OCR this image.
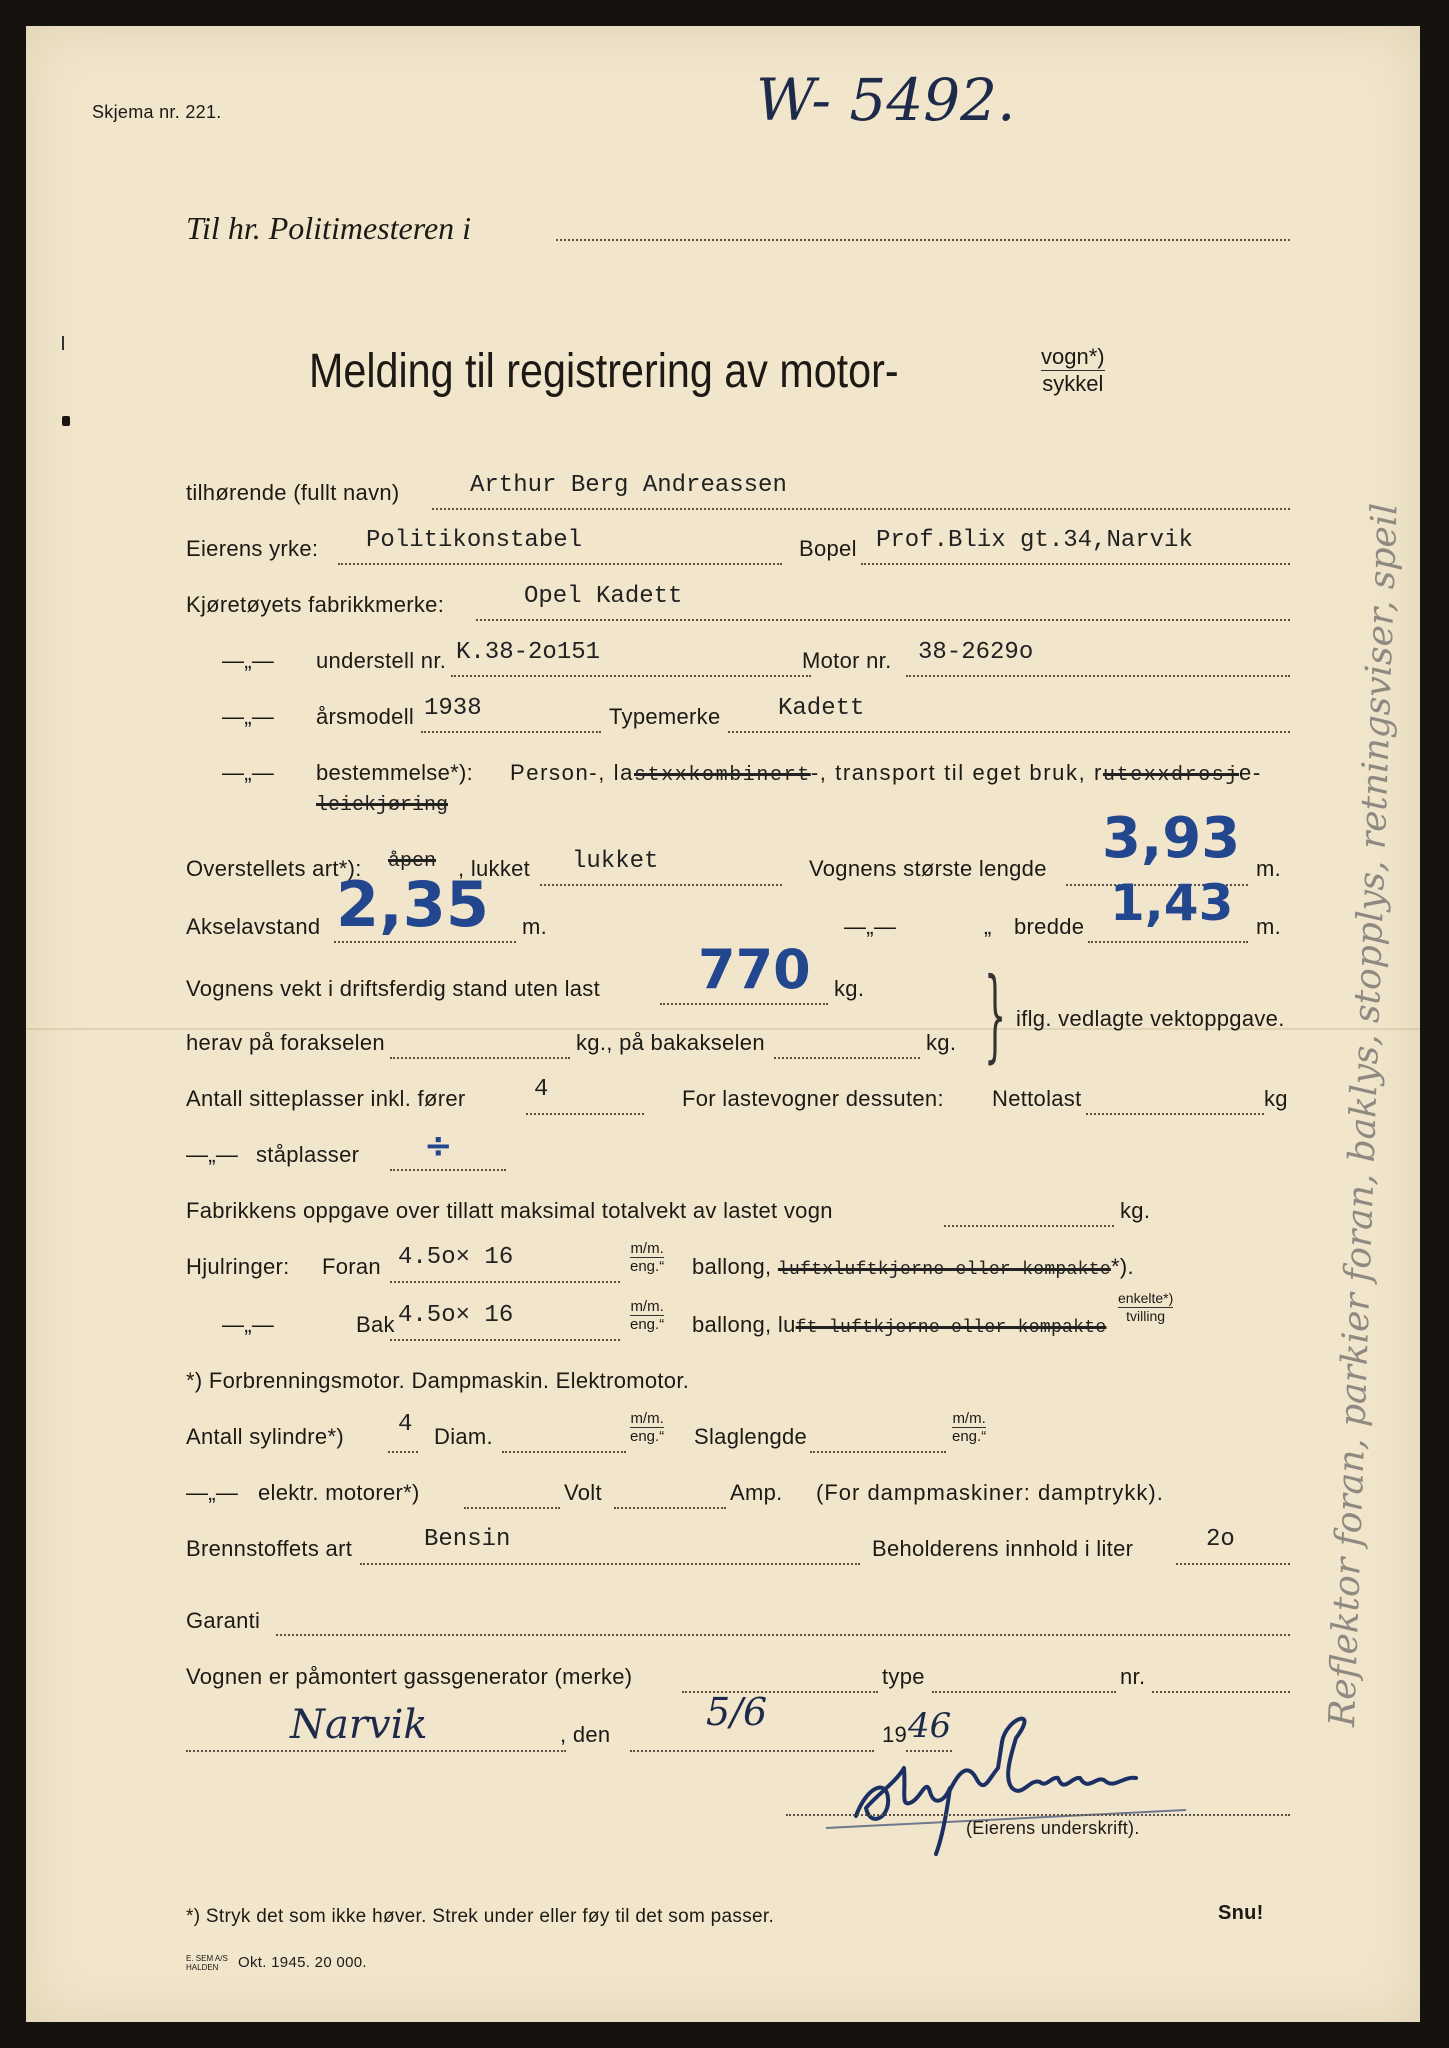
Skjema nr. 221.	W- 5492.
Til hr. Politimesteren i
Melding til registrering av motor-	vogn*)
sykkel
tilhørende (fullt navn)	Arthur Berg Andreassen
Eierens yrke: Politikonstabel	Bopel Prof.Blix gt.34,Narvik
Kjøretøyets fabrikkmerke:	Opel Kadett
—„— understell nr. K.38-2o151	Motor nr. 38-2629o
—„— årsmodell 1938	Typemerke Kadett
—„— bestemmelse*): Person-, lastxxkombinert-, transport til eget bruk, rutexxdrosje-
leiekjøring
Overstellets art*): åpen , lukket lukket	Vognens største lengde 3,93 m.
Akselavstand 2,35 m.	—„—	„ bredde 1,43 m.
Vognens vekt i driftsferdig stand uten last 770 kg.
herav på forakselen	kg., på bakakselen	kg. } iflg. vedlagte vektoppgave.
Antall sitteplasser inkl. fører	4	For lastevogner dessuten: Nettolast	kg
—„— ståplasser ÷
Fabrikkens oppgave over tillatt maksimal totalvekt av lastet vogn	kg.
Hjulringer: Foran 4.5o× 16	m/m.
eng.“ ballong, luftxluftkjerne eller kompakte*).
—„—	Bak 4.5o× 16	m/m.
eng.“ ballong, luft luftkjerne eller kompakte
enkelte*)
tvilling
*) Forbrenningsmotor. Dampmaskin. Elektromotor.
Antall sylindre*) 4 Diam.
m/m.
eng.“ Slaglengde
m/m.
eng.“
—„— elektr. motorer*)	Volt	Amp. (For dampmaskiner: damptrykk).
Brennstoffets art	Bensin	Beholderens innhold i liter	2o
Garanti
Vognen er påmontert gassgenerator (merke)	type	nr.
Narvik	, den
5/6
19 46
(Eierens underskrift).
*) Stryk det som ikke høver. Strek under eller føy til det som passer.	Snu!
E. SEM A/S
HALDEN	Okt. 1945. 20 000.
Reflektor foran, parkier foran, baklys, stopplys, retningsviser, speil
